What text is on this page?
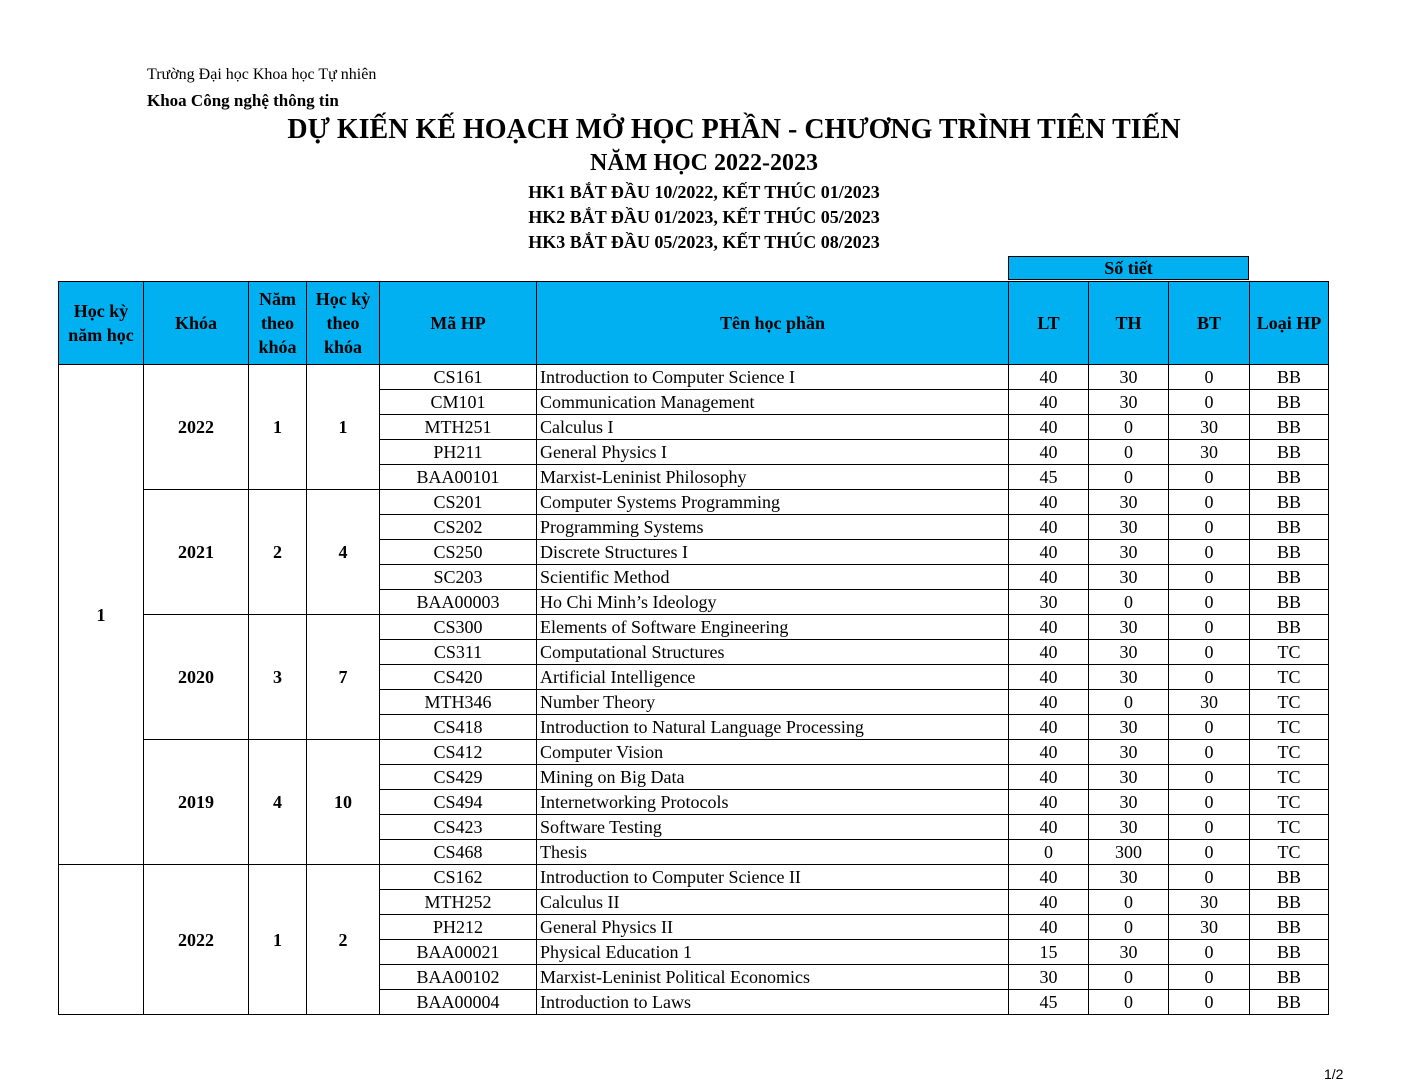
Trường Đại học Khoa học Tự nhiên
Khoa Công nghệ thông tin
DỰ KIẾN KẾ HOẠCH MỞ HỌC PHẦN - CHƯƠNG TRÌNH TIÊN TIẾN
NĂM HỌC 2022-2023
HK1 BẮT ĐẦU 10/2022, KẾT THÚC 01/2023
HK2 BẮT ĐẦU 01/2023, KẾT THÚC 05/2023
HK3 BẮT ĐẦU 05/2023, KẾT THÚC 08/2023
Số tiết
Học kỳ năm học	Khóa	Năm theo khóa	Học kỳ theo khóa	Mã HP	Tên học phần	LT	TH	BT	Loại HP
1	2022	1	1	CS161	Introduction to Computer Science I	40	30	0	BB
				CM101	Communication Management	40	30	0	BB
				MTH251	Calculus I	40	0	30	BB
				PH211	General Physics I	40	0	30	BB
				BAA00101	Marxist-Leninist Philosophy	45	0	0	BB
	2021	2	4	CS201	Computer Systems Programming	40	30	0	BB
				CS202	Programming Systems	40	30	0	BB
				CS250	Discrete Structures I	40	30	0	BB
				SC203	Scientific Method	40	30	0	BB
				BAA00003	Ho Chi Minh’s Ideology	30	0	0	BB
	2020	3	7	CS300	Elements of Software Engineering	40	30	0	BB
				CS311	Computational Structures	40	30	0	TC
				CS420	Artificial Intelligence	40	30	0	TC
				MTH346	Number Theory	40	0	30	TC
				CS418	Introduction to Natural Language Processing	40	30	0	TC
	2019	4	10	CS412	Computer Vision	40	30	0	TC
				CS429	Mining on Big Data	40	30	0	TC
				CS494	Internetworking Protocols	40	30	0	TC
				CS423	Software Testing	40	30	0	TC
				CS468	Thesis	0	300	0	TC
	2022	1	2	CS162	Introduction to Computer Science II	40	30	0	BB
				MTH252	Calculus II	40	0	30	BB
				PH212	General Physics II	40	0	30	BB
				BAA00021	Physical Education 1	15	30	0	BB
				BAA00102	Marxist-Leninist Political Economics	30	0	0	BB
				BAA00004	Introduction to Laws	45	0	0	BB
1/2
